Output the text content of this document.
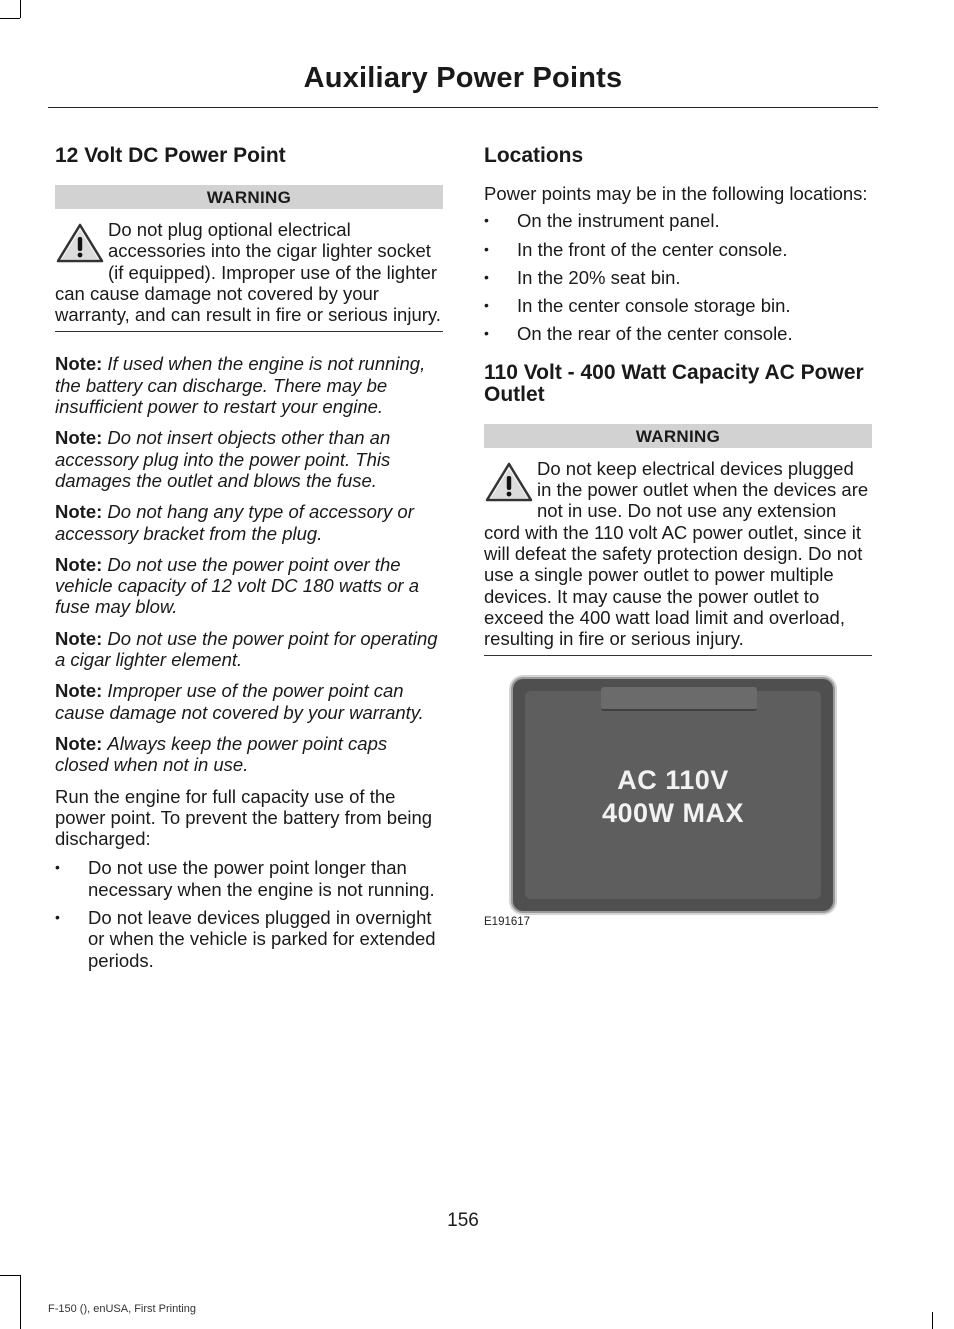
Auxiliary Power Points
12 Volt DC Power Point
WARNING
Do not plug optional electrical accessories into the cigar lighter socket (if equipped). Improper use of the lighter can cause damage not covered by your warranty, and can result in fire or serious injury.

Note: If used when the engine is not running, the battery can discharge. There may be insufficient power to restart your engine.

Note: Do not insert objects other than an accessory plug into the power point. This damages the outlet and blows the fuse.

Note: Do not hang any type of accessory or accessory bracket from the plug.

Note: Do not use the power point over the vehicle capacity of 12 volt DC 180 watts or a fuse may blow.

Note: Do not use the power point for operating a cigar lighter element.

Note: Improper use of the power point can cause damage not covered by your warranty.

Note: Always keep the power point caps closed when not in use.

Run the engine for full capacity use of the power point. To prevent the battery from being discharged:

• Do not use the power point longer than necessary when the engine is not running.
• Do not leave devices plugged in overnight or when the vehicle is parked for extended periods.
Locations

Power points may be in the following locations:

• On the instrument panel.
• In the front of the center console.
• In the 20% seat bin.
• In the center console storage bin.
• On the rear of the center console.
110 Volt - 400 Watt Capacity AC Power Outlet
WARNING
Do not keep electrical devices plugged in the power outlet when the devices are not in use. Do not use any extension cord with the 110 volt AC power outlet, since it will defeat the safety protection design. Do not use a single power outlet to power multiple devices. It may cause the power outlet to exceed the 400 watt load limit and overload, resulting in fire or serious injury.
AC 110V
400W MAX
E191617
156
F-150 (), enUSA, First Printing
